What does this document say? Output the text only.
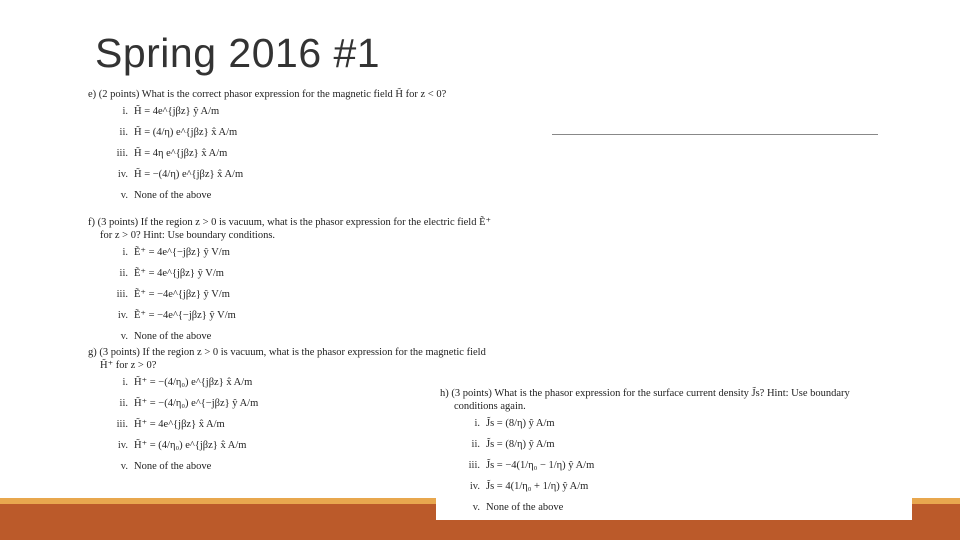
Spring 2016 #1
e) (2 points) What is the correct phasor expression for the magnetic field H̃ for z < 0?
i. H̃ = 4e^{jβz} ŷ A/m
ii. H̃ = (4/η) e^{jβz} x̂ A/m
iii. H̃ = 4η e^{jβz} x̂ A/m
iv. H̃ = −(4/η) e^{jβz} x̂ A/m
v. None of the above
f) (3 points) If the region z > 0 is vacuum, what is the phasor expression for the electric field Ẽ⁺
for z > 0? Hint: Use boundary conditions.
i. Ẽ⁺ = 4e^{−jβz} ŷ V/m
ii. Ẽ⁺ = 4e^{jβz} ŷ V/m
iii. Ẽ⁺ = −4e^{jβz} ŷ V/m
iv. Ẽ⁺ = −4e^{−jβz} ŷ V/m
v. None of the above
g) (3 points) If the region z > 0 is vacuum, what is the phasor expression for the magnetic field
H̃⁺ for z > 0?
i. H̃⁺ = −(4/η₀) e^{jβz} x̂ A/m
ii. H̃⁺ = −(4/η₀) e^{−jβz} ŷ A/m
iii. H̃⁺ = 4e^{jβz} x̂ A/m
iv. H̃⁺ = (4/η₀) e^{jβz} x̂ A/m
v. None of the above
h) (3 points) What is the phasor expression for the surface current density J̃s? Hint: Use boundary
conditions again.
i. J̃s = (8/η) ŷ A/m
ii. J̃s = (8/η) ŷ A/m
iii. J̃s = −4(1/η₀ − 1/η) ŷ A/m
iv. J̃s = 4(1/η₀ + 1/η) ŷ A/m
v. None of the above
